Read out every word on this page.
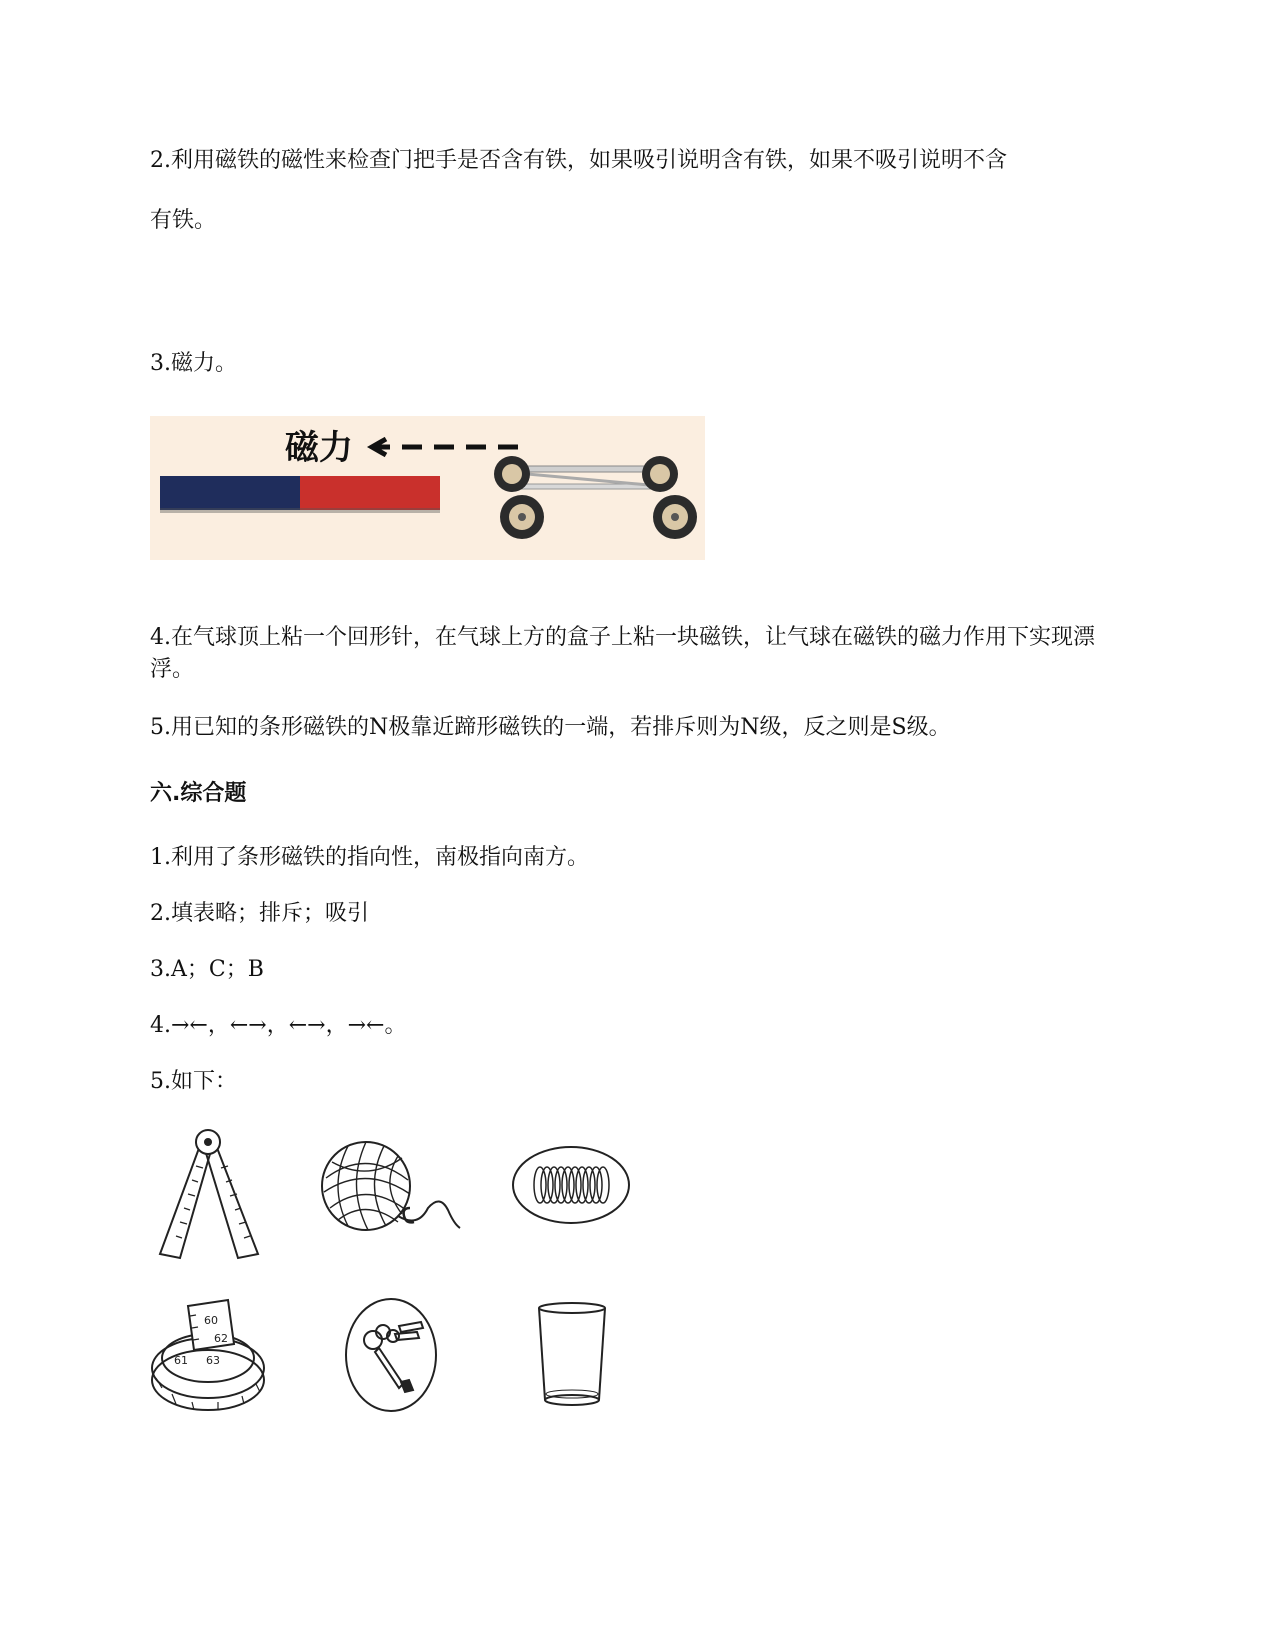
2.利用磁铁的磁性来检查门把手是否含有铁，如果吸引说明含有铁，如果不吸引说明不含

有铁。

3.磁力。

磁力

4.在气球顶上粘一个回形针，在气球上方的盒子上粘一块磁铁，让气球在磁铁的磁力作用下实现漂浮。

5.用已知的条形磁铁的N极靠近蹄形磁铁的一端，若排斥则为N级，反之则是S级。

六.综合题

1.利用了条形磁铁的指向性，南极指向南方。

2.填表略；排斥；吸引

3.A；C；B

4.→←，←→，←→，→←。

5.如下：

60
62
63
61
